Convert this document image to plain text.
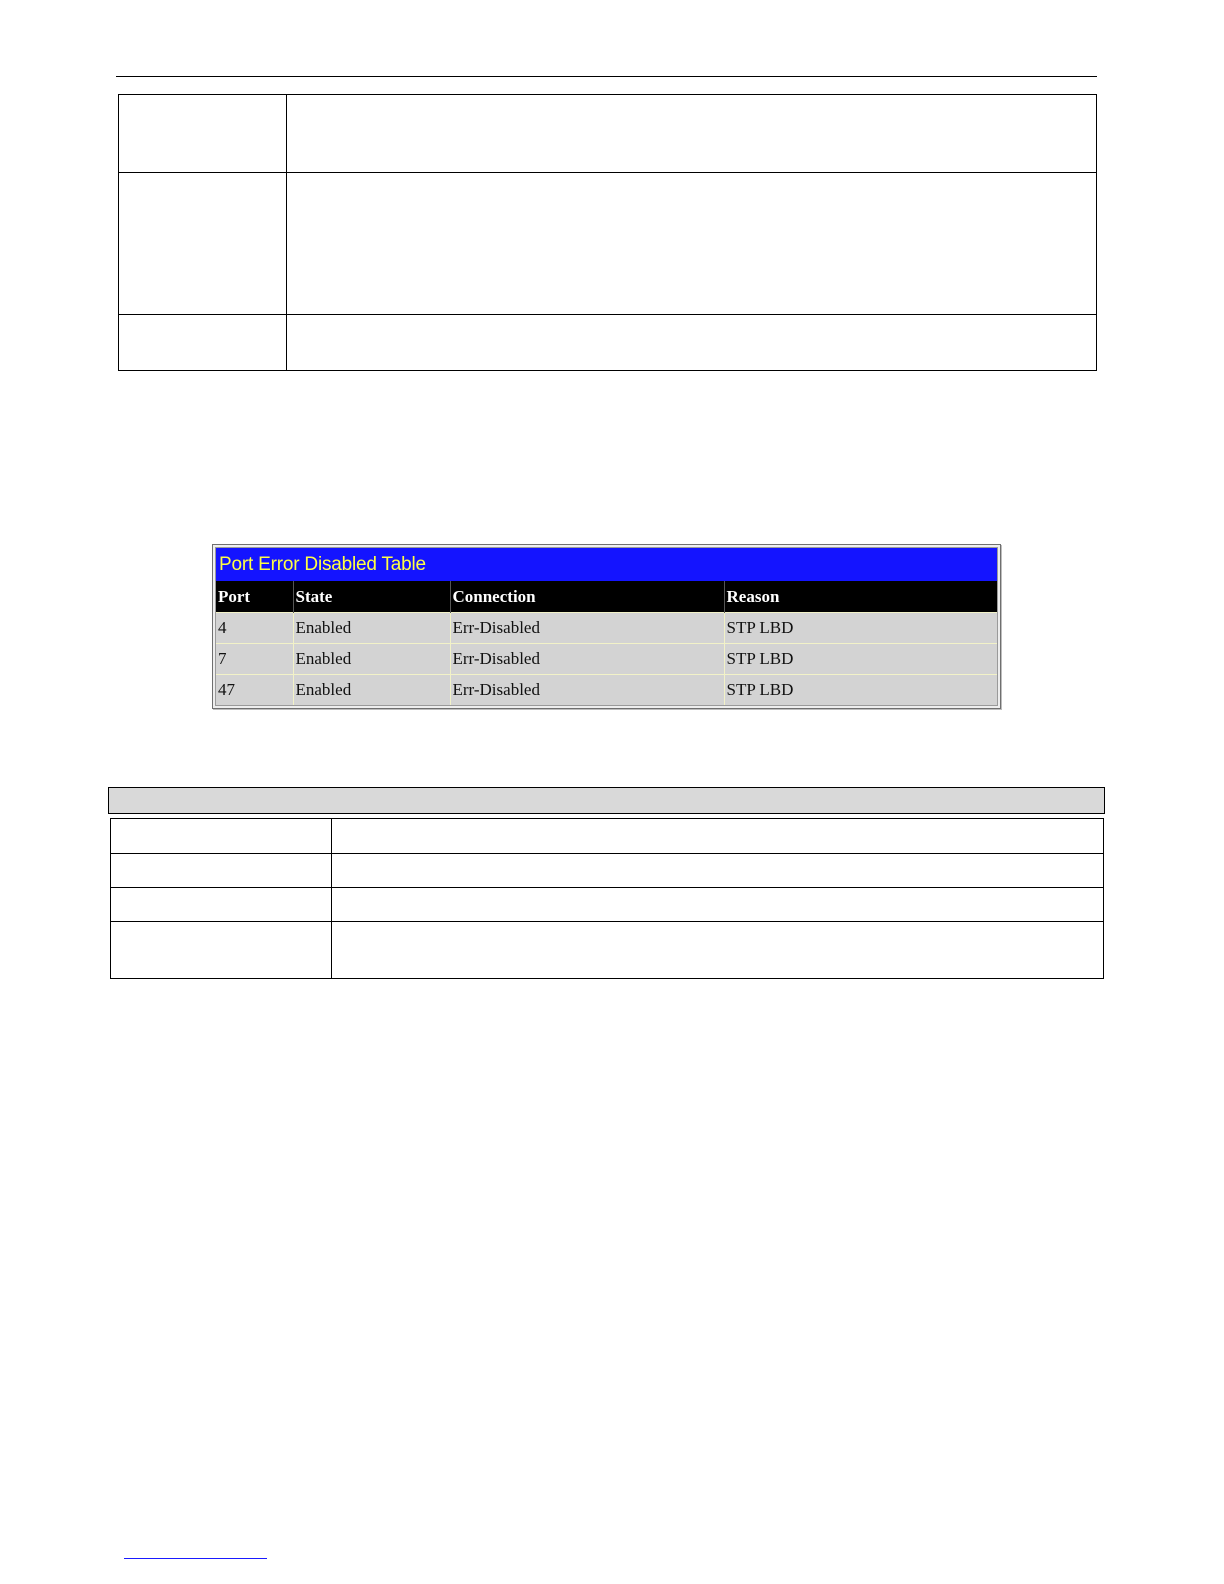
Port Error Disabled Table
Port	State	Connection	Reason
4	Enabled	Err-Disabled	STP LBD
7	Enabled	Err-Disabled	STP LBD
47	Enabled	Err-Disabled	STP LBD
